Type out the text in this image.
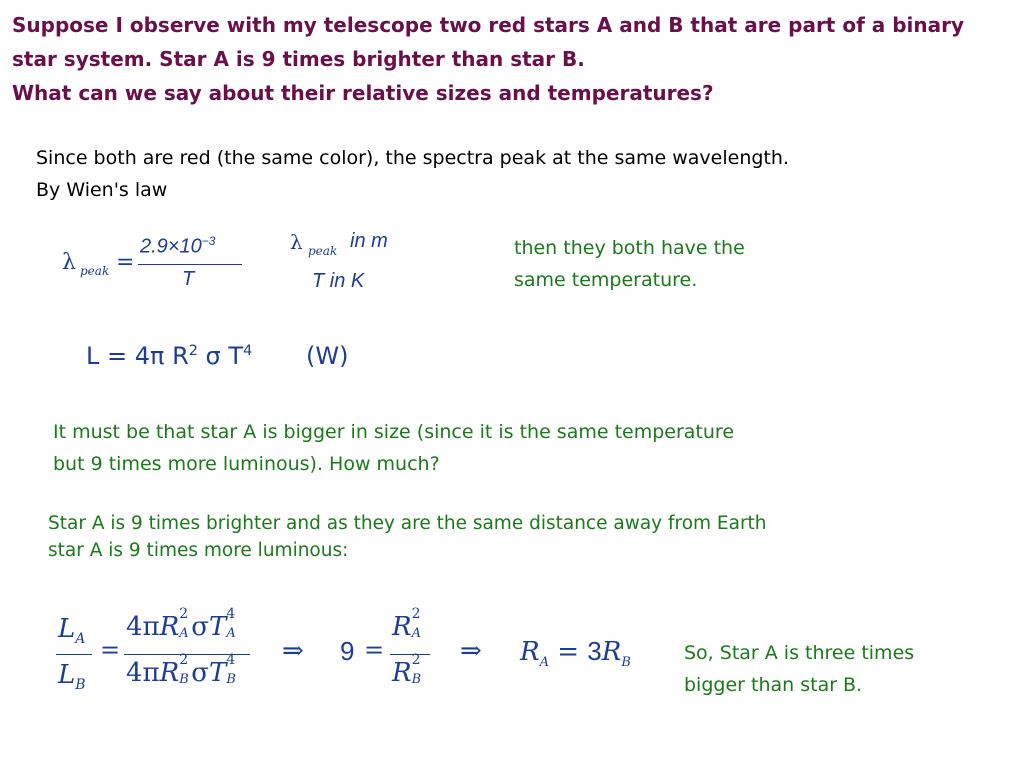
Suppose I observe with my telescope two red stars A and B that are part of a binary
star system. Star A is 9 times brighter than star B.
What can we say about their relative sizes and temperatures?
Since both are red (the same color), the spectra peak at the same wavelength.
By Wien's law
λ peak =
$2.9\times 10^{-3}$
T
λ peak in m
T in K
then they both have the
same temperature.
L = 4π $R^2$ σ $T^4$ (W)
It must be that star A is bigger in size (since it is the same temperature
but 9 times more luminous). How much?
Star A is 9 times brighter and as they are the same distance away from Earth
star A is 9 times more luminous:
$L_A$
$L_B$
=
4πR 2
A σT 4
A
4πR 2
B σT 4
B
⇒ 9 =
R 2
A
R 2
B
⇒ $R_A = 3R_B$	So, Star A is three times
bigger than star B.
